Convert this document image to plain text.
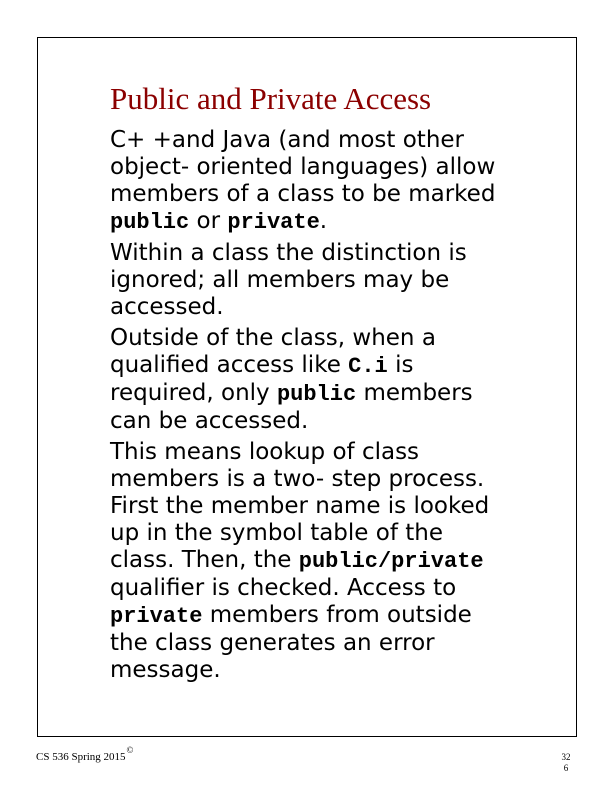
Public and Private Access

C+ +and Java (and most other
object- oriented languages) allow
members of a class to be marked
public or private.

Within a class the distinction is
ignored; all members may be
accessed.

Outside of the class, when a
qualified access like C.i is
required, only public members
can be accessed.

This means lookup of class
members is a two- step process.
First the member name is looked
up in the symbol table of the
class. Then, the public/private
qualifier is checked. Access to
private members from outside
the class generates an error
message.

CS 536 Spring 2015©
32
6
